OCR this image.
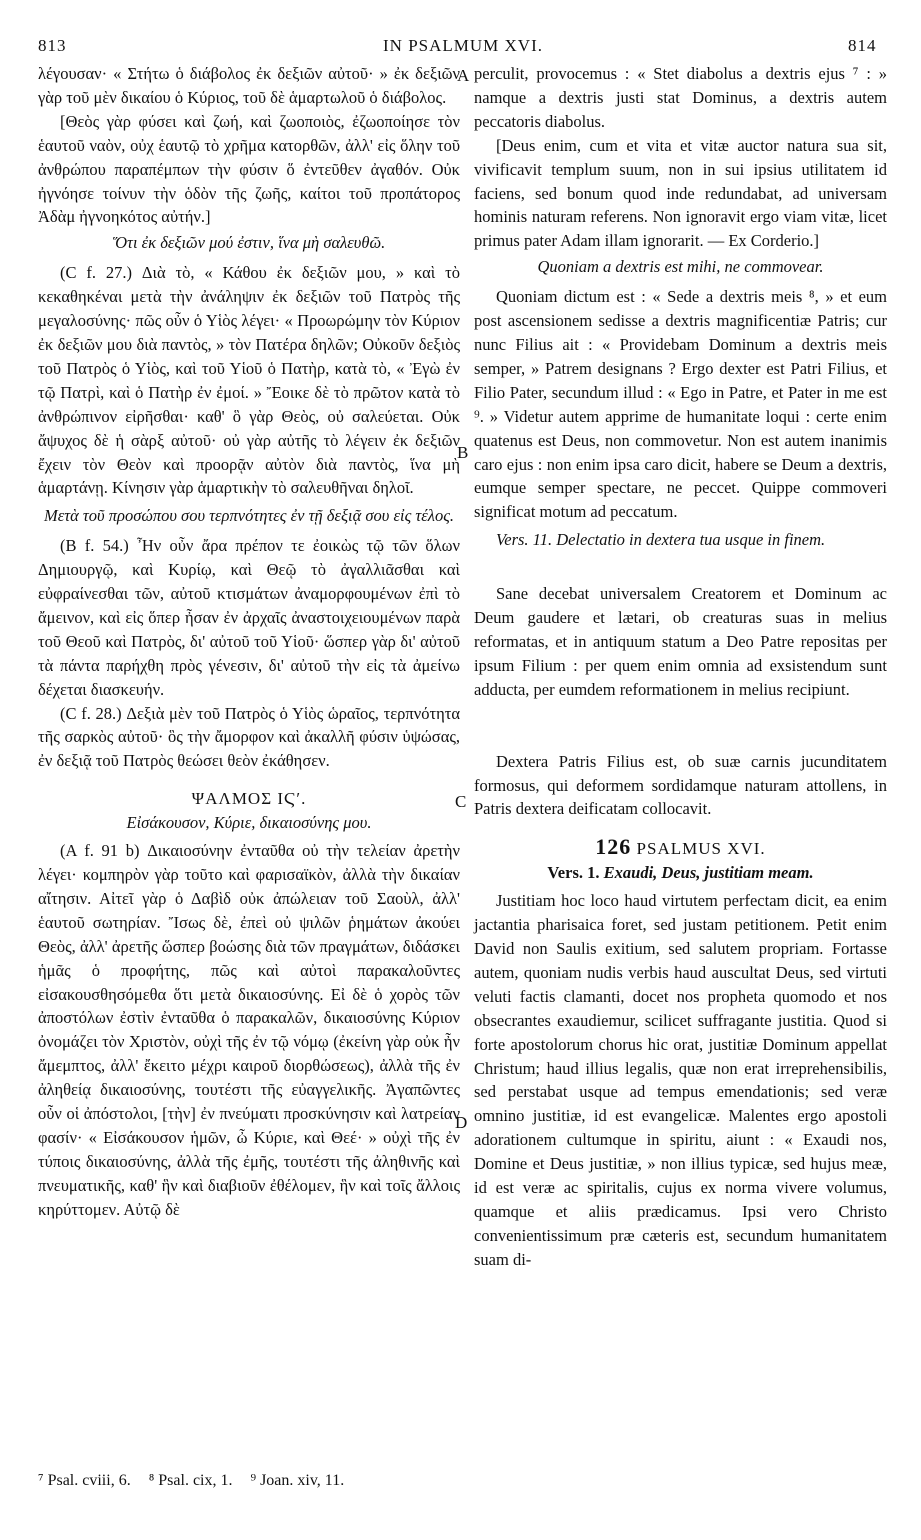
813	IN PSALMUM XVI.	814
A
B
C
D

λέγουσαν· « Στήτω ὁ διάβολος ἐκ δεξιῶν αὐτοῦ· » ἐκ δεξιῶν γὰρ τοῦ μὲν δικαίου ὁ Κύριος, τοῦ δὲ ἁμαρτωλοῦ ὁ διάβολος.

[Θεὸς γὰρ φύσει καὶ ζωή, καὶ ζωοποιὸς, ἐζωοποίησε τὸν ἑαυτοῦ ναὸν, οὐχ ἑαυτῷ τὸ χρῆμα κατορθῶν, ἀλλ' εἰς ὅλην τοῦ ἀνθρώπου παραπέμπων τὴν φύσιν ὅ ἐντεῦθεν ἀγαθόν. Οὐκ ἠγνόησε τοίνυν τὴν ὁδὸν τῆς ζωῆς, καίτοι τοῦ προπάτορος Ἀδὰμ ἠγνοηκότος αὐτήν.]

Ὅτι ἐκ δεξιῶν μού ἐστιν, ἵνα μὴ σαλευθῶ.

(C f. 27.) Διὰ τὸ, « Κάθου ἐκ δεξιῶν μου, » καὶ τὸ κεκαθηκέναι μετὰ τὴν ἀνάληψιν ἐκ δεξιῶν τοῦ Πατρὸς τῆς μεγαλοσύνης· πῶς οὖν ὁ Υἱὸς λέγει· « Προωρώμην τὸν Κύριον ἐκ δεξιῶν μου διὰ παντὸς, » τὸν Πατέρα δηλῶν; Οὐκοῦν δεξιὸς τοῦ Πατρὸς ὁ Υἱὸς, καὶ τοῦ Υἱοῦ ὁ Πατὴρ, κατὰ τὸ, « Ἐγὼ ἐν τῷ Πατρὶ, καὶ ὁ Πατὴρ ἐν ἐμοί. » Ἔοικε δὲ τὸ πρῶτον κατὰ τὸ ἀνθρώπινον εἰρῆσθαι· καθ' ὃ γὰρ Θεὸς, οὐ σαλεύεται. Οὐκ ἄψυχος δὲ ἡ σὰρξ αὐτοῦ· οὐ γὰρ αὐτῆς τὸ λέγειν ἐκ δεξιῶν ἔχειν τὸν Θεὸν καὶ προορᾷν αὐτὸν διὰ παντὸς, ἵνα μὴ ἁμαρτάνῃ. Κίνησιν γὰρ ἁμαρτικὴν τὸ σαλευθῆναι δηλοῖ.

Μετὰ τοῦ προσώπου σου τερπνότητες ἐν τῇ δεξιᾷ σου εἰς τέλος.

(B f. 54.) Ἦν οὖν ἄρα πρέπον τε ἐοικὼς τῷ τῶν ὅλων Δημιουργῷ, καὶ Κυρίῳ, καὶ Θεῷ τὸ ἀγαλλιᾶσθαι καὶ εὐφραίνεσθαι τῶν, αὐτοῦ κτισμάτων ἀναμορφουμένων ἐπὶ τὸ ἄμεινον, καὶ εἰς ὅπερ ἦσαν ἐν ἀρχαῖς ἀναστοιχειουμένων παρὰ τοῦ Θεοῦ καὶ Πατρὸς, δι' αὐτοῦ τοῦ Υἱοῦ· ὥσπερ γὰρ δι' αὐτοῦ τὰ πάντα παρήχθη πρὸς γένεσιν, δι' αὐτοῦ τὴν εἰς τὰ ἀμείνω δέχεται διασκευήν.

(C f. 28.) Δεξιὰ μὲν τοῦ Πατρὸς ὁ Υἱὸς ὡραῖος, τερπνότητα τῆς σαρκὸς αὐτοῦ· ὃς τὴν ἄμορφον καὶ ἀκαλλῆ φύσιν ὑψώσας, ἐν δεξιᾷ τοῦ Πατρὸς θεώσει θεὸν ἐκάθησεν.

ΨΑΛΜΟΣ ΙϚʹ.

Εἰσάκουσον, Κύριε, δικαιοσύνης μου.

(A f. 91 b) Δικαιοσύνην ἐνταῦθα οὐ τὴν τελείαν ἀρετὴν λέγει· κομπηρὸν γὰρ τοῦτο καὶ φαρισαϊκὸν, ἀλλὰ τὴν δικαίαν αἴτησιν. Αἰτεῖ γὰρ ὁ Δαβὶδ οὐκ ἀπώλειαν τοῦ Σαοὺλ, ἀλλ' ἑαυτοῦ σωτηρίαν. Ἴσως δὲ, ἐπεὶ οὐ ψιλῶν ῥημάτων ἀκούει Θεὸς, ἀλλ' ἀρετῆς ὥσπερ βοώσης διὰ τῶν πραγμάτων, διδάσκει ἡμᾶς ὁ προφήτης, πῶς καὶ αὐτοὶ παρακαλοῦντες εἰσακουσθησόμεθα ὅτι μετὰ δικαιοσύνης. Εἰ δὲ ὁ χορὸς τῶν ἀποστόλων ἐστὶν ἐνταῦθα ὁ παρακαλῶν, δικαιοσύνης Κύριον ὀνομάζει τὸν Χριστὸν, οὐχὶ τῆς ἐν τῷ νόμῳ (ἐκείνη γὰρ οὐκ ἦν ἄμεμπτος, ἀλλ' ἔκειτο μέχρι καιροῦ διορθώσεως), ἀλλὰ τῆς ἐν ἀληθείᾳ δικαιοσύνης, τουτέστι τῆς εὐαγγελικῆς. Ἀγαπῶντες οὖν οἱ ἀπόστολοι, [τὴν] ἐν πνεύματι προσκύνησιν καὶ λατρείαν φασίν· « Εἰσάκουσον ἡμῶν, ὦ Κύριε, καὶ Θεέ· » οὐχὶ τῆς ἐν τύποις δικαιοσύνης, ἀλλὰ τῆς ἐμῆς, τουτέστι τῆς ἀληθινῆς καὶ πνευματικῆς, καθ' ἣν καὶ διαβιοῦν ἐθέλομεν, ἣν καὶ τοῖς ἄλλοις κηρύττομεν. Αὐτῷ δὲ

perculit, provocemus : « Stet diabolus a dextris ejus ⁷ : » namque a dextris justi stat Dominus, a dextris autem peccatoris diabolus.

[Deus enim, cum et vita et vitæ auctor natura sua sit, vivificavit templum suum, non in sui ipsius utilitatem id faciens, sed bonum quod inde redundabat, ad universam hominis naturam referens. Non ignoravit ergo viam vitæ, licet primus pater Adam illam ignorarit. — Ex Corderio.]

Quoniam a dextris est mihi, ne commovear.

Quoniam dictum est : « Sede a dextris meis ⁸, » et eum post ascensionem sedisse a dextris magnificentiæ Patris; cur nunc Filius ait : « Providebam Dominum a dextris meis semper, » Patrem designans ? Ergo dexter est Patri Filius, et Filio Pater, secundum illud : « Ego in Patre, et Pater in me est ⁹. » Videtur autem apprime de humanitate loqui : certe enim quatenus est Deus, non commovetur. Non est autem inanimis caro ejus : non enim ipsa caro dicit, habere se Deum a dextris, eumque semper spectare, ne peccet. Quippe commoveri significat motum ad peccatum.

Vers. 11. Delectatio in dextera tua usque in finem.

Sane decebat universalem Creatorem et Dominum ac Deum gaudere et lætari, ob creaturas suas in melius reformatas, et in antiquum statum a Deo Patre repositas per ipsum Filium : per quem enim omnia ad exsistendum sunt adducta, per eumdem reformationem in melius recipiunt.

Dextera Patris Filius est, ob suæ carnis jucunditatem formosus, qui deformem sordidamque naturam attollens, in Patris dextera deificatam collocavit.

126 PSALMUS XVI.

Vers. 1. Exaudi, Deus, justitiam meam.

Justitiam hoc loco haud virtutem perfectam dicit, ea enim jactantia pharisaica foret, sed justam petitionem. Petit enim David non Saulis exitium, sed salutem propriam. Fortasse autem, quoniam nudis verbis haud auscultat Deus, sed virtuti veluti factis clamanti, docet nos propheta quomodo et nos obsecrantes exaudiemur, scilicet suffragante justitia. Quod si forte apostolorum chorus hic orat, justitiæ Dominum appellat Christum; haud illius legalis, quæ non erat irreprehensibilis, sed perstabat usque ad tempus emendationis; sed veræ omnino justitiæ, id est evangelicæ. Malentes ergo apostoli adorationem cultumque in spiritu, aiunt : « Exaudi nos, Domine et Deus justitiæ, » non illius typicæ, sed hujus meæ, id est veræ ac spiritalis, cujus ex norma vivere volumus, quamque et aliis prædicamus. Ipsi vero Christo convenientissimum præ cæteris est, secundum humanitatem suam di-

⁷ Psal. cviii, 6. ⁸ Psal. cix, 1. ⁹ Joan. xiv, 11.
